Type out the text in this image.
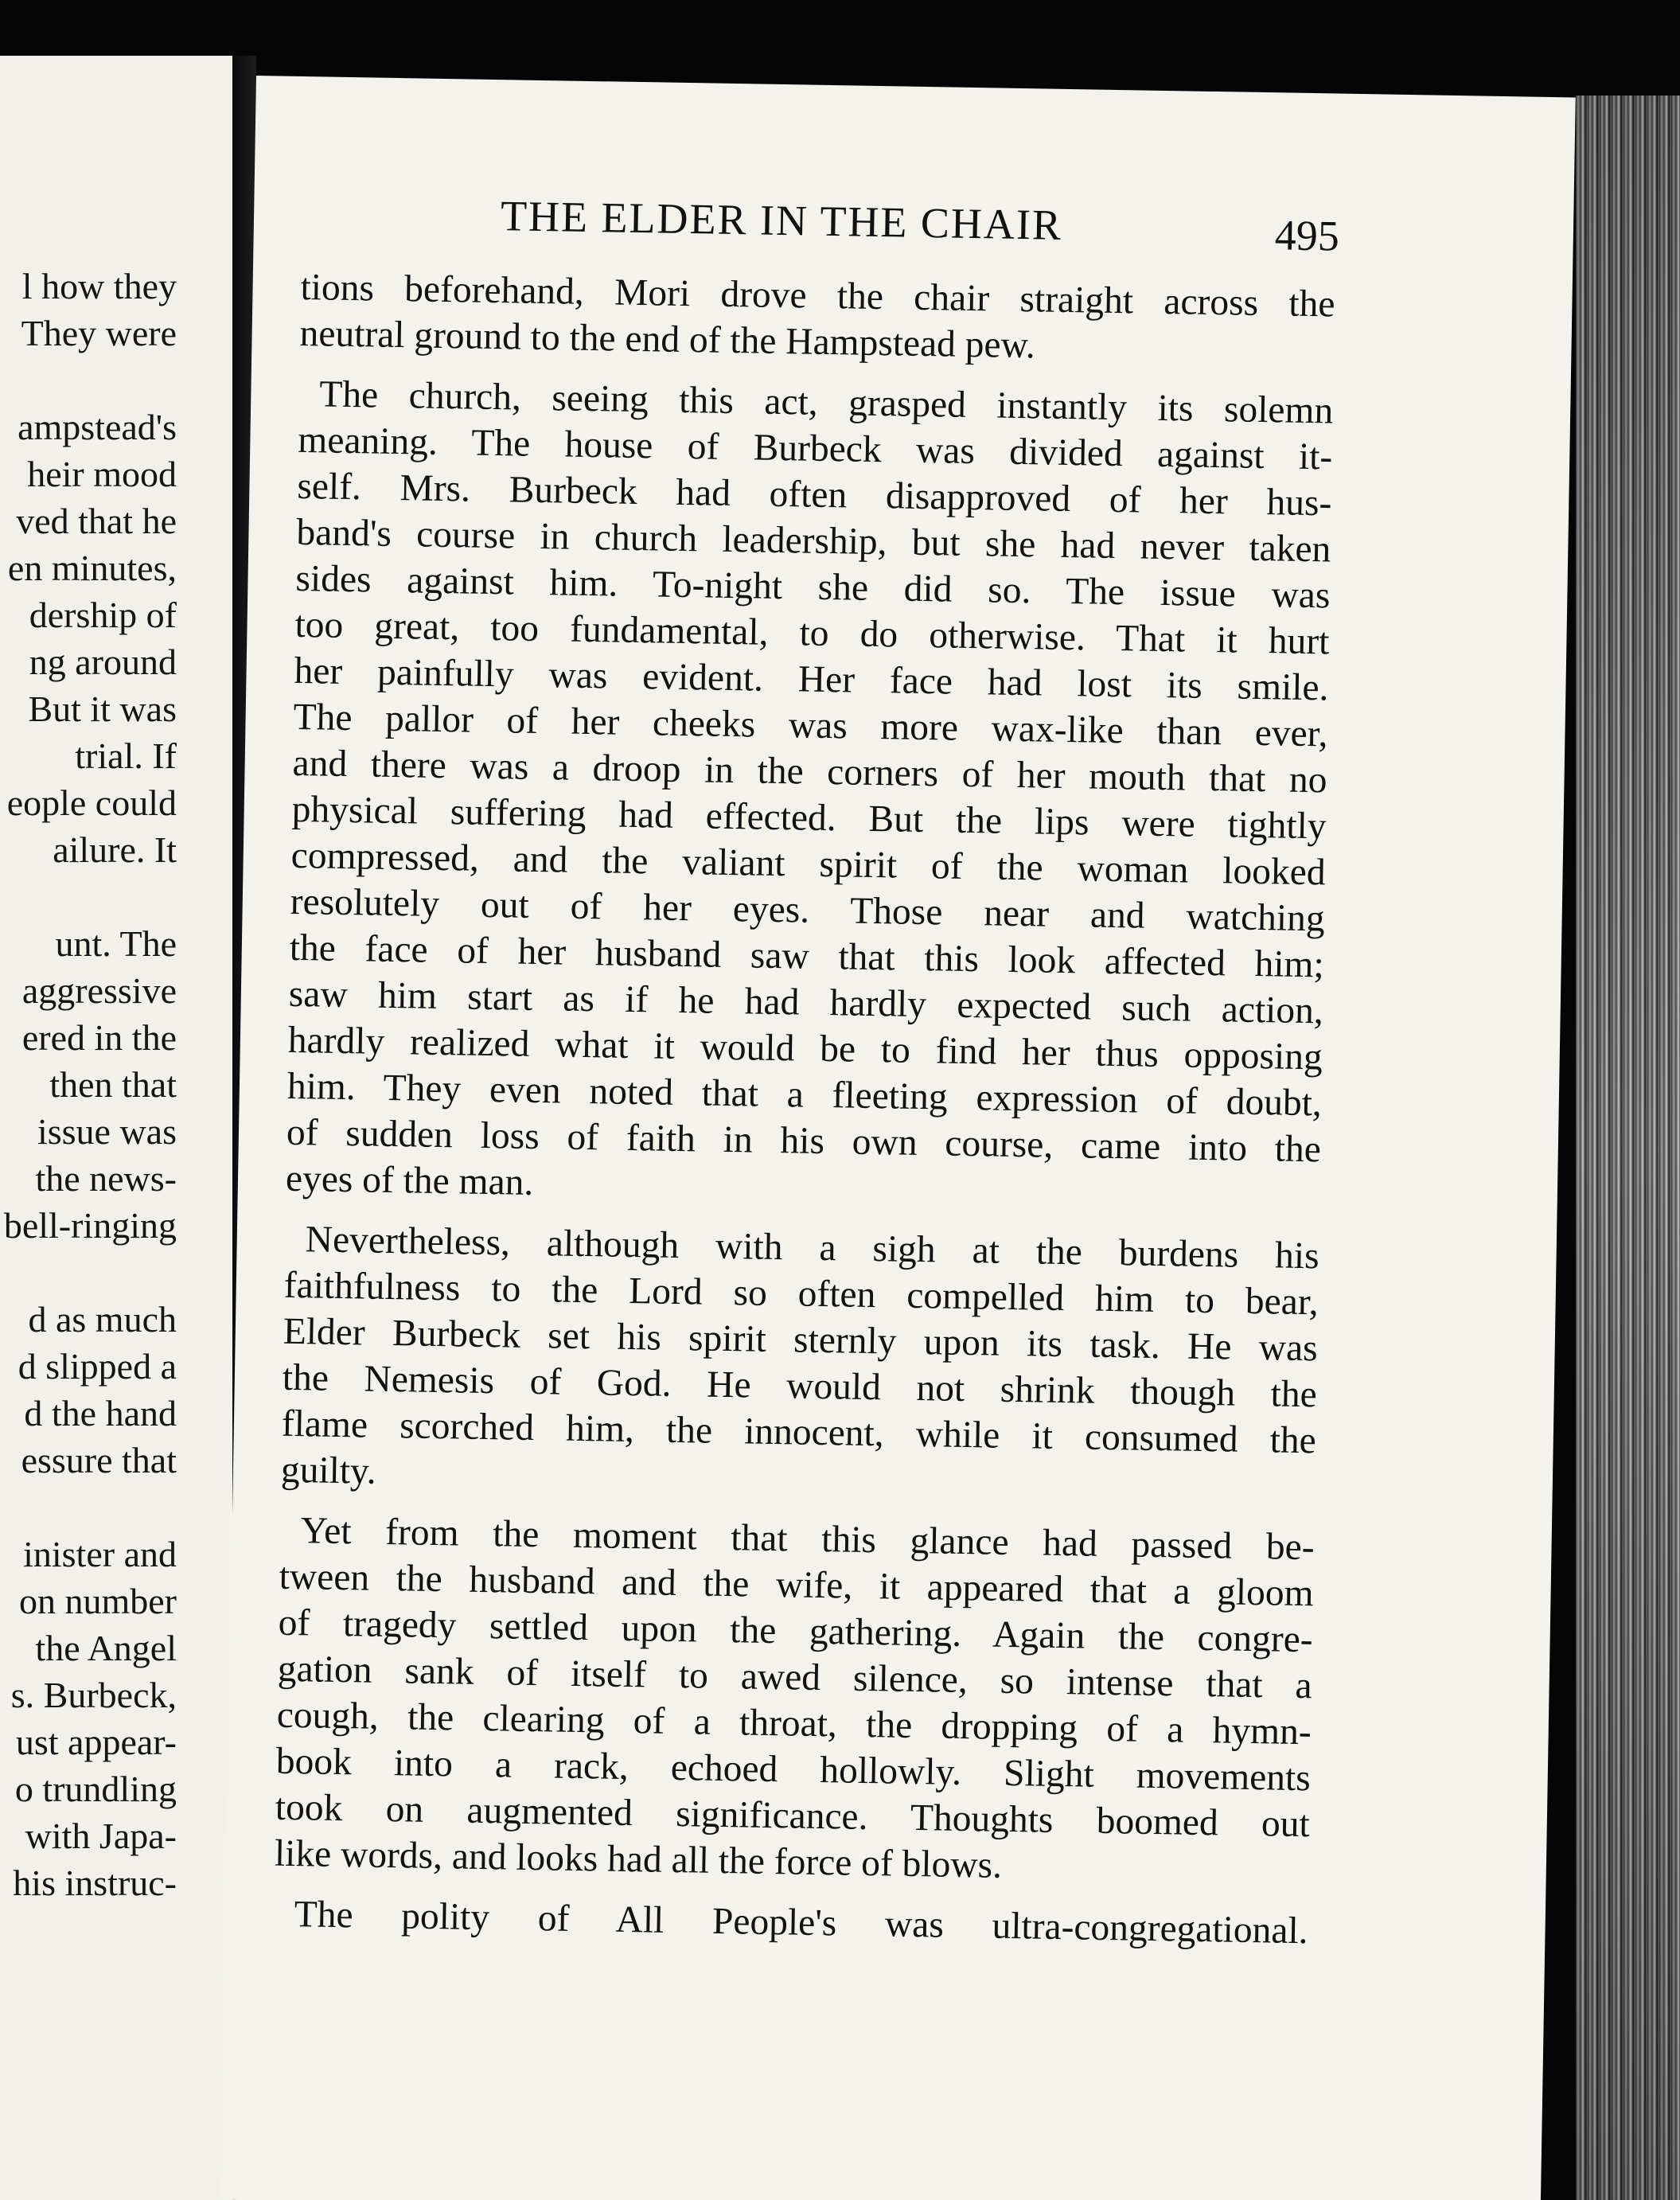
l how they
They were
ampstead's
heir mood
ved that he
en minutes,
dership of
ng around
But it was
trial. If
eople could
ailure. It
unt. The
aggressive
ered in the
then that
issue was
the news-
bell-ringing
d as much
d slipped a
d the hand
essure that
inister and
on number
the Angel
s. Burbeck,
ust appear-
o trundling
with Japa-
his instruc-
THE ELDER IN THE CHAIR	495

tions beforehand, Mori drove the chair straight across the
neutral ground to the end of the Hampstead pew.

The church, seeing this act, grasped instantly its solemn
meaning. The house of Burbeck was divided against it-
self. Mrs. Burbeck had often disapproved of her hus-
band's course in church leadership, but she had never taken
sides against him. To-night she did so. The issue was
too great, too fundamental, to do otherwise. That it hurt
her painfully was evident. Her face had lost its smile.
The pallor of her cheeks was more wax-like than ever,
and there was a droop in the corners of her mouth that no
physical suffering had effected. But the lips were tightly
compressed, and the valiant spirit of the woman looked
resolutely out of her eyes. Those near and watching
the face of her husband saw that this look affected him;
saw him start as if he had hardly expected such action,
hardly realized what it would be to find her thus opposing
him. They even noted that a fleeting expression of doubt,
of sudden loss of faith in his own course, came into the
eyes of the man.

Nevertheless, although with a sigh at the burdens his
faithfulness to the Lord so often compelled him to bear,
Elder Burbeck set his spirit sternly upon its task. He was
the Nemesis of God. He would not shrink though the
flame scorched him, the innocent, while it consumed the
guilty.

Yet from the moment that this glance had passed be-
tween the husband and the wife, it appeared that a gloom
of tragedy settled upon the gathering. Again the congre-
gation sank of itself to awed silence, so intense that a
cough, the clearing of a throat, the dropping of a hymn-
book into a rack, echoed hollowly. Slight movements
took on augmented significance. Thoughts boomed out
like words, and looks had all the force of blows.

The polity of All People's was ultra-congregational.
